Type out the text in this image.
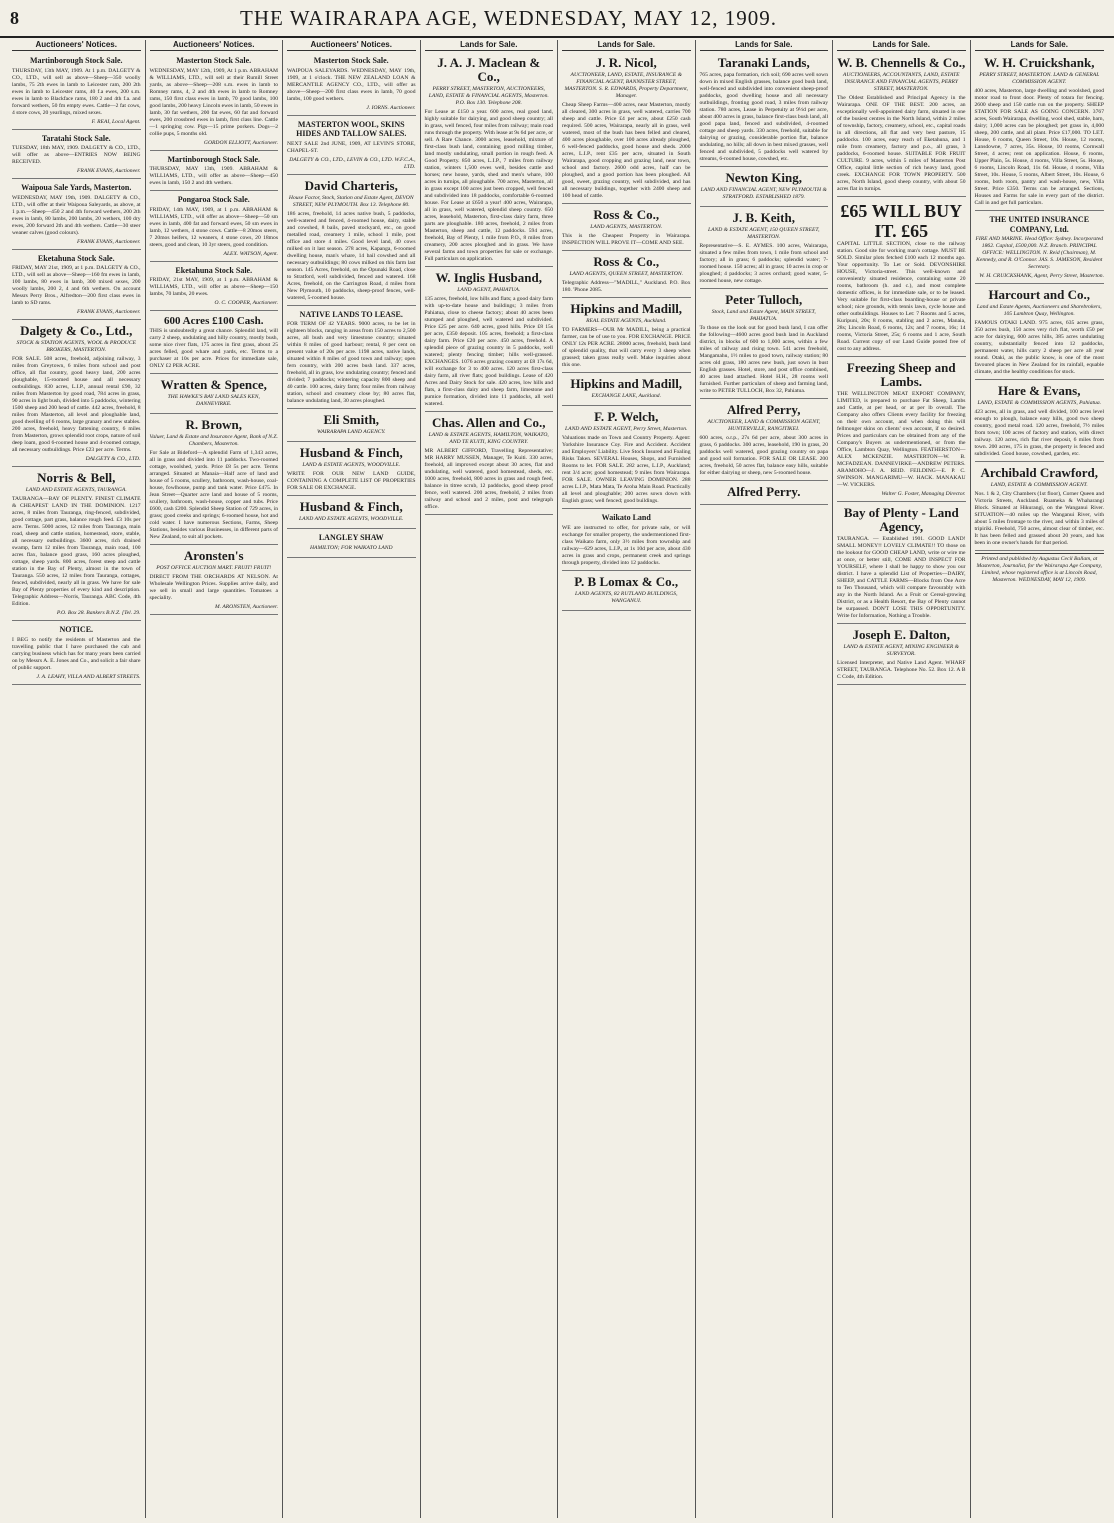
8	THE WAIRARAPA AGE, WEDNESDAY, MAY 12, 1909.
Auctioneers' Notices.
Martinborough Stock Sale.

THURSDAY, 13th MAY, 1909. At 1 p.m. DALGETY & CO., LTD., will sell as above—Sheep—350 woolly lambs, 75 2th ewes in lamb to Leicester ram, 200 2th ewes in lamb to Leicester rams, 40 f.a ewes, 200 s.m. ewes in lamb to Blackface rams, 180 2 and 4th f.a. and forward wethers, 50 fm empty ewes. Cattle—2 fat cows, 4 store cows, 20 yearlings, mixed sexes.

F. REAI, Local Agent.
Taratahi Stock Sale.

TUESDAY, 18th MAY, 1909. DALGETY & CO., LTD., will offer as above—ENTRIES NOW BEING RECEIVED.

FRANK EVANS, Auctioneer.
Waipoua Sale Yards, Masterton.

WEDNESDAY, MAY 19th, 1909. DALGETY & CO., LTD., will offer at their Waipoua Saleyards, as above, at 1 p.m.—Sheep—450 2 and 4th forward wethers, 200 2th ewes in lamb, 80 lambs, 200 lambs, 20 wethers, 100 dry ewes, 200 forward 2th and 4th wethers. Cattle—30 steer weaner calves (good colours).

FRANK EVANS, Auctioneer.
Eketahuna Stock Sale.

FRIDAY, MAY 21st, 1909, at 1 p.m. DALGETY & CO., LTD., will sell as above—Sheep—160 fm ewes in lamb, 100 lambs, 80 ewes in lamb, 300 mixed sexes, 200 woolly lambs, 200 2, 4 and 6th wethers. On account Messrs Perry Bros., Alfredton—200 first class ewes in lamb to SD rams.

FRANK EVANS, Auctioneer.
Dalgety & Co., Ltd.,
STOCK & STATION AGENTS, WOOL & PRODUCE BROKERS, MASTERTON.

FOR SALE. 508 acres, freehold, adjoining railway, 3 miles from Greytown, 6 miles from school and post office, all flat country, good heavy land, 200 acres ploughable, 15-roomed house and all necessary outbuildings. 830 acres, L.I.P., annual rental £90, 32 miles from Masterton by good road, 784 acres in grass, 90 acres in light bush, divided into 5 paddocks, wintering 1500 sheep and 200 head of cattle. 442 acres, freehold, 8 miles from Masterton, all level and ploughable land, good dwelling of 6 rooms, large granary and new stables. 200 acres, freehold, heavy fattening country, 6 miles from Masterton, grows splendid root crops, nature of soil deep loam, good 6-roomed house and 4-roomed cottage, all necessary outbuildings. Price £23 per acre. Terms.

DALGETY & CO., LTD.
Norris & Bell,
LAND AND ESTATE AGENTS, TAURANGA.

TAURANGA—BAY OF PLENTY. FINEST CLIMATE & CHEAPEST LAND IN THE DOMINION. 1217 acres, 8 miles from Tauranga, ring-fenced, subdivided, good cottage, part grass, balance rough feed. £3 10s per acre. Terms. 5000 acres, 12 miles from Tauranga, main road, sheep and cattle station, homestead, store, stable, all necessary outbuildings. 3600 acres, rich drained swamp, farm 12 miles from Tauranga, main road, 100 acres flax, balance good grass, 160 acres ploughed, cottage, sheep yards. 800 acres, forest steep and cattle station in the Bay of Plenty, almost in the town of Tauranga. 550 acres, 12 miles from Tauranga, cottages, fenced, subdivided, nearly all in grass. We have for sale Bay of Plenty properties of every kind and description. Telegraphic Address—Norris, Tauranga. ABC Code, 4th Edition.

P.O. Box 28. Bankers B.N.Z. [Tel. 29.
NOTICE.

I BEG to notify the residents of Masterton and the travelling public that I have purchased the cab and carrying business which has for many years been carried on by Messrs A. E. Jones and Co., and solicit a fair share of public support.

J. A. LEAHY, VILLA AND ALBERT STREETS.
Auctioneers' Notices.
Masterton Stock Sale.

WEDNESDAY, MAY 12th, 1909, At 1 p.m. ABRAHAM & WILLIAMS, LTD., will sell at their Rumill Street yards, as above—Sheep—208 s.m. ewes in lamb to Romney rams, 4, 2 and 4th ewes in lamb to Romney rams, 150 first class ewes in lamb, 70 good lambs, 100 good lambs, 200 heavy Lincoln ewes in lamb, 50 ewes in lamb, 30 fat wethers, 200 fat ewes, 60 fat and forward ewes, 200 crossbred ewes in lamb, first class line. Cattle—1 springing cow. Pigs—15 prime porkers. Dogs—2 collie pups, 5 months old.

GORDON ELLIOTT, Auctioneer.
Martinborough Stock Sale.

THURSDAY, MAY 13th, 1909. ABRAHAM & WILLIAMS, LTD., will offer as above—Sheep—450 ewes in lamb, 150 2 and 4th wethers.

Pongaroa Stock Sale.

FRIDAY, 14th MAY, 1909, at 1 p.m. ABRAHAM & WILLIAMS, LTD., will offer as above—Sheep—50 sm ewes in lamb, 400 fat and forward ewes, 50 sm ewes in lamb, 12 wethers, 4 stone cows. Cattle—8 20mos steers, 7 20mos heifers, 12 weaners, 4 stone cows, 20 18mos steers, good and clean, 10 3yr steers, good condition.

ALEX. WATSON, Agent.
Eketahuna Stock Sale.

FRIDAY, 21st MAY, 1909, at 1 p.m. ABRAHAM & WILLIAMS, LTD., will offer as above—Sheep—150 lambs, 70 lambs, 20 ewes.

O. C. COOPER, Auctioneer.
600 Acres £100 Cash.

THIS is undoubtedly a great chance. Splendid land, will carry 2 sheep, undulating and hilly country, mostly bush, some nice river flats, 175 acres in first grass, about 25 acres felled, good whare and yards, etc. Terms to a purchaser at 10s per acre. Prices for immediate sale, ONLY £2 PER ACRE.

Wratten & Spence,
THE HAWKE'S BAY LAND SALES KEN, DANNEVIRKE.
R. Brown,
Valuer, Land & Estate and Insurance Agent, Bank of N.Z. Chambers, Masterton.

For Sale at Bideford—A splendid Farm of 1,343 acres, all in grass and divided into 11 paddocks. Two-roomed cottage, woolshed, yards. Price £8 5s per acre. Terms arranged. Situated at Manaia—Half acre of land and house of 5 rooms, scullery, bathroom, wash-house, coal-house, fowlhouse, pump and tank water. Price £475. In Jean Street—Quarter acre land and house of 5 rooms, scullery, bathroom, wash-house, copper and tubs. Price £600, cash £200. Splendid Sheep Station of 729 acres, in grass; good creeks and springs; 6-roomed house, hot and cold water. I have numerous Sections, Farms, Sheep Stations, besides various Businesses, in different parts of New Zealand, to suit all pockets.

Aronsten's
POST OFFICE AUCTION MART. FRUIT! FRUIT!

DIRECT FROM THE ORCHARDS AT NELSON. At Wholesale Wellington Prices. Supplies arrive daily, and we sell in small and large quantities. Tomatoes a speciality.

M. ARONSTEN, Auctioneer.
Auctioneers' Notices.
Masterton Stock Sale.

WAIPOUA SALEYARDS. WEDNESDAY, MAY 19th, 1909, at 1 o'clock. THE NEW ZEALAND LOAN & MERCANTILE AGENCY CO., LTD., will offer as above—Sheep—200 first class ewes in lamb, 70 good lambs, 100 good wethers.

J. IORNS. Auctioneer.
MASTERTON WOOL, SKINS HIDES AND TALLOW SALES.

NEXT SALE 2nd JUNE, 1909, AT LEVIN'S STORE, CHAPEL-ST.

DALGETY & CO., LTD., LEVIN & CO., LTD. W.F.C.A., LTD.
David Charteris,
House Factor, Stock, Station and Estate Agent, DEVON STREET, NEW PLYMOUTH. Box 13. Telephone 80.

186 acres, freehold, 14 acres native bush, 5 paddocks, well-watered and fenced, 4-roomed house, dairy, stable and cowshed, 8 bails, paved stockyard, etc., on good metalled road, creamery 1 mile, school 1 mile, post office and store 4 miles. Good level land, 40 cows milked on it last season. 278 acres, Kapanga, 6-roomed dwelling house, man's whare, 14 bail cowshed and all necessary outbuildings; 80 cows milked on this farm last season. 145 Acres, freehold, on the Opunaki Road, close to Stratford, well subdivided, fenced and watered. 168 Acres, freehold, on the Carrington Road, 4 miles from New Plymouth, 10 paddocks, sheep-proof fences, well-watered, 5-roomed house.

NATIVE LANDS TO LEASE.

FOR TERM OF 42 YEARS. 9000 acres, to be let in eighteen blocks, ranging in areas from 150 acres to 2,500 acres, all bush and very limestone country; situated within 8 miles of good harbour; rental, 8 per cent on present value of 20s per acre. 1198 acres, native lands, situated within 8 miles of good town and railway; open fern country, with 200 acres bush land. 337 acres, freehold, all in grass, low undulating country; fenced and divided; 7 paddocks; wintering capacity 800 sheep and 40 cattle. 100 acres, dairy farm; four miles from railway station, school and creamery close by; 80 acres flat, balance undulating land, 30 acres ploughed.

Eli Smith,
WAIRARAPA LAND AGENCY.
Husband & Finch,
LAND & ESTATE AGENTS, WOODVILLE.

WRITE FOR OUR NEW LAND GUIDE, CONTAINING A COMPLETE LIST OF PROPERTIES FOR SALE OR EXCHANGE.

Husband & Finch,
LAND AND ESTATE AGENTS, WOODVILLE.
LANGLEY SHAW
HAMILTON; FOR WAIKATO LAND
Lands for Sale.
J. A. J. Maclean & Co.,
PERRY STREET, MASTERTON, AUCTIONEERS, LAND, ESTATE & FINANCIAL AGENTS, Masterton. P.O. Box 130. Telephone 208.

For Lease at £150 a year. 600 acres, real good land, highly suitable for dairying, and good sheep country; all in grass, well fenced, four miles from railway; main road runs through the property. With lease at 9s 6d per acre, or sell. A Rare Chance. 3000 acres, leasehold, mixture of first-class bush land, containing good milling timber, land mostly undulating, small portion in rough feed. A Good Property. 850 acres, L.I.P., 7 miles from railway station, winters 1,500 ewes well, besides cattle and horses; new house, yards, shed and men's whare, 100 acres in turnips, all ploughable. 700 acres, Masterton, all in grass except 100 acres just been cropped, well fenced and subdivided into 18 paddocks, comfortable 6-roomed house. For Lease at £650 a year! 400 acres, Wairarapa, all in grass, well watered, splendid sheep country. 650 acres, leasehold, Masterton, first-class dairy farm, three parts are ploughable. 180 acres, freehold, 2 miles from Masterton, sheep and cattle, 12 paddocks. 594 acres, freehold, Bay of Plenty, 1 mile from P.O., 8 miles from creamery, 200 acres ploughed and in grass. We have several farms and town properties for sale or exchange. Full particulars on application.

W. Inglis Husband,
LAND AGENT, PAHIATUA.

135 acres, freehold, low hills and flats; a good dairy farm with up-to-date house and buildings; 3 miles from Pahiatua, close to cheese factory; about 40 acres been stumped and ploughed, well watered and subdivided. Price £25 per acre. 640 acres, good hills. Price £8 15s per acre, £350 deposit. 105 acres, freehold; a first-class dairy farm. Price £20 per acre. 450 acres, freehold. A splendid piece of grazing country in 5 paddocks, well watered; plenty fencing timber; hills well-grassed. EXCHANGES. 1076 acres grazing country at £8 17s 6d, will exchange for 3 to 400 acres. 120 acres first-class dairy farm, all river flats; good buildings. Lease of 420 Acres and Dairy Stock for sale. 420 acres, low hills and flats, a first-class dairy and sheep farm, limestone and pumice formation, divided into 11 paddocks, all well watered.

Chas. Allen and Co.,
LAND & ESTATE AGENTS, HAMILTON, WAIKATO, AND TE KUITI, KING COUNTRY.

MR ALBERT GIFFORD, Travelling Representative; MR HARRY MUSSEN, Manager, Te Kuiti. 330 acres, freehold, all improved except about 30 acres, flat and undulating, well watered, good homestead, sheds, etc. 1000 acres, freehold, 800 acres in grass and rough feed, balance in titree scrub, 12 paddocks, good sheep proof fence, well watered. 200 acres, freehold, 2 miles from railway and school and 2 miles, post and telegraph office.

Lands for Sale.
J. R. Nicol,
AUCTIONEER, LAND, ESTATE, INSURANCE & FINANCIAL AGENT, BANNISTER STREET, MASTERTON. S. R. EDWARDS, Property Department, Manager.

Cheap Sheep Farms—400 acres, near Masterton, mostly all cleared, 300 acres in grass, well watered, carries 700 sheep and cattle. Price £4 per acre, about £250 cash required. 500 acres, Wairarapa, nearly all in grass, well watered, most of the bush has been felled and cleared, 400 acres ploughable, over 100 acres already ploughed, 6 well-fenced paddocks, good house and sheds. 2000 acres, L.I.P., rent £35 per acre, situated in South Wairarapa, good cropping and grazing land, near town, school and factory. 2600 odd acres, half can be ploughed, and a good portion has been ploughed. All good, sweet, grazing country, well subdivided, and has all necessary buildings, together with 2400 sheep and 100 head of cattle.

Ross & Co.,
LAND AGENTS, MASTERTON.

This is the Cheapest Property in Wairarapa. INSPECTION WILL PROVE IT—COME AND SEE.

Ross & Co.,
LAND AGENTS, QUEEN STREET, MASTERTON.

Telegraphic Address—"MADILL," Auckland. P.O. Box 180. 'Phone 2085.

Hipkins and Madill,
REAL ESTATE AGENTS, Auckland.

TO FARMERS—OUR Mr MADILL, being a practical farmer, can be of use to you. FOR EXCHANGE. PRICE ONLY 12s PER ACRE. 28000 acres, freehold, bush land of splendid quality, that will carry every 3 sheep when grassed; taken grass really well. Make inquiries about this one.

Hipkins and Madill,
EXCHANGE LANE, Auckland.
F. P. Welch,
LAND AND ESTATE AGENT, Perry Street, Masterton.

Valuations made on Town and Country Property. Agent: Yorkshire Insurance Coy. Fire and Accident. Accident and Employers' Liability. Live Stock Insured and Foaling Risks Taken. SEVERAL Houses, Shops, and Furnished Rooms to let. FOR SALE. 282 acres, L.I.P., Auckland; rent 3/4 acre; good homestead; 9 miles from Wairarapa. FOR SALE. OWNER LEAVING DOMINION. 288 acres L.I.P., Mata Mata, Te Aroha Main Road. Practically all level and ploughable; 200 acres sown down with English grass; well fenced; good buildings.

Waikato Land

WE are instructed to offer, for private sale, or will exchange for smaller property, the undermentioned first-class Waikato farm, only 3½ miles from township and railway—629 acres, L.I.P., at 1s 10d per acre, about 430 acres in grass and crops, permanent creek and springs through property, divided into 12 paddocks.

P. B Lomax & Co.,
LAND AGENTS, 82 RUTLAND BUILDINGS, WANGANUI.
Lands for Sale.
Taranaki Lands,

765 acres, papa formation, rich soil; 690 acres well sown down in mixed English grasses, balance good bush land, well-fenced and subdivided into convenient sheep-proof paddocks, good dwelling house and all necessary outbuildings, fronting good road, 3 miles from railway station. 780 acres, Lease in Perpetuity at 9½d per acre, about 400 acres in grass, balance first-class bush land, all good papa land, fenced and subdivided, 4-roomed cottage and sheep yards. 330 acres, freehold, suitable for dairying or grazing, considerable portion flat, balance undulating, no hills; all down in best mixed grasses, well fenced and subdivided, 5 paddocks well watered by streams, 6-roomed house, cowshed, etc.

Newton King,
LAND AND FINANCIAL AGENT, NEW PLYMOUTH & STRATFORD. ESTABLISHED 1879.
J. B. Keith,
LAND & ESTATE AGENT, 150 QUEEN STREET, MASTERTON.

Representative—S. E. AYMES. 100 acres, Wairarapa, situated a few miles from town, 1 mile from school and factory; all in grass; 6 paddocks; splendid water; 7-roomed house. 150 acres; all in grass; 10 acres in crop or ploughed; 4 paddocks; 3 acres orchard; good water, 5-roomed house, new cottage.

Peter Tulloch,
Stock, Land and Estate Agent, MAIN STREET, PAHIATUA.

To those on the look out for good bush land, I can offer the following—4600 acres good bush land in Auckland district, in blocks of 600 to 1,000 acres, within a few miles of railway and rising town. 541 acres freehold, Mangamahu, 1½ miles to good town, railway station; 80 acres old grass, 180 acres new bush, just sown in bust English grasses. Hotel, store, and post office combined, 40 acres land attached. Hotel H.H., 28 rooms well furnished. Further particulars of sheep and farming land, write to PETER TULLOCH, Box 32, Pahiatua.

Alfred Perry,
AUCTIONEER, LAND & COMMISSION AGENT, HUNTERVILLE, RANGITIKEI.

600 acres, o.r.p., 27s 6d per acre, about 300 acres in grass, 6 paddocks. 300 acres, leasehold, 190 in grass, 20 paddocks well watered, good grazing country on papa and good soil formation. FOR SALE OR LEASE. 200 acres, freehold, 50 acres flat, balance easy hills, suitable for either dairying or sheep, new 5-roomed house.

Alfred Perry.
Lands for Sale.
W. B. Chennells & Co.,
AUCTIONEERS, ACCOUNTANTS, LAND, ESTATE INSURANCE AND FINANCIAL AGENTS, PERRY STREET, MASTERTON.

The Oldest Established and Principal Agency in the Wairarapa. ONE OF THE BEST. 200 acres, an exceptionally well-appointed dairy farm, situated in one of the busiest centres in the North Island, within 2 miles of township, factory, creamery, school, etc., capital roads in all directions, all flat and very best pasture, 15 paddocks. 100 acres, easy reach of Eketahuna, and 1 mile from creamery, factory and p.o., all grass, 3 paddocks, 6-roomed house. SUITABLE FOR FRUIT CULTURE. 9 acres, within 5 miles of Masterton Post Office, capital little section of rich heavy land, good creek. EXCHANGE FOR TOWN PROPERTY. 500 acres, North Island, good sheep country, with about 50 acres flat in turnips.

£65 WILL BUY IT. £65

CAPITAL LITTLE SECTION, close to the railway station. Good site for working man's cottage. MUST BE SOLD. Similar plots fetched £100 each 12 months ago. Your opportunity. To Let or Sold. DEVONSHIRE HOUSE, Victoria-street. This well-known and conveniently situated residence, containing some 20 rooms, bathroom (h. and c.), and most complete domestic offices, is for immediate sale, or to be leased. Very suitable for first-class boarding-house or private school; nice grounds, with tennis lawn, cycle house and other outbuildings. Houses to Let: 7 Rooms and 5 acres, Kuripuni, 20s; 8 rooms, stabling and 2 acres, Manaia, 28s; Lincoln Road, 6 rooms, 12s; and 7 rooms, 16s; 14 rooms, Victoria Street, 25s; 6 rooms and 1 acre, South Road. Current copy of our Land Guide posted free of cost to any address.

Freezing Sheep and Lambs.

THE WELLINGTON MEAT EXPORT COMPANY, LIMITED, is prepared to purchase Fat Sheep, Lambs and Cattle, at per head, or at per lb overall. The Company also offers Clients every facility for freezing on their own account, and when doing this will fellmonger skins on clients' own account, if so desired. Prices and particulars can be obtained from any of the Company's Buyers as undermentioned, or from the Office, Lambton Quay, Wellington. FEATHERSTON—ALEX MCKENZIE. MASTERTON—W. B. MCFADZEAN. DANNEVIRKE—ANDREW PETERS. ARAMOHO—J. A. REID. FEILDING—E. P. C. SWINSON. MANGARIMU—W. HACK. MANAKAU—W. VICKERS.

Walter G. Foster, Managing Director.
Bay of Plenty - Land Agency,

TAURANGA. — Established 1901. GOOD LAND! SMALL MONEY!! LOVELY CLIMATE!! TO those on the lookout for GOOD CHEAP LAND, write or wire me at once, or better still, COME AND INSPECT FOR YOURSELF, where I shall be happy to show you our district. I have a splendid List of Properties—DAIRY, SHEEP, and CATTLE FARMS—Blocks from One Acre to Ten Thousand, which will compare favourably with any in the North Island. As a Fruit or Cereal-growing District, or as a Health Resort, the Bay of Plenty cannot be surpassed. DON'T LOSE THIS OPPORTUNITY. Write for Information, Nothing a Trouble.

Joseph E. Dalton,
LAND & ESTATE AGENT, MINING ENGINEER & SURVEYOR.

Licensed Interpreter, and Native Land Agent. WHARF STREET, TAURANGA. Telephone No. 52. Box 12. A B C Code, 4th Edition.

Lands for Sale.
W. H. Cruickshank,
PERRY STREET, MASTERTON. LAND & GENERAL COMMISSION AGENT.

400 acres, Masterton, large dwelling and woolshed, good motor road to front door. Plenty of totara for fencing. 2600 sheep and 150 cattle run on the property. SHEEP STATION FOR SALE AS GOING CONCERN. 3767 acres, South Wairarapa, dwelling, wool shed, stable, barn, dairy; 1,000 acres can be ploughed; pet grass in, 4,000 sheep, 200 cattle, and all plant. Price £17,000. TO LET. House, 6 rooms, Queen Street, 10s. House, 12 rooms, Lansdowne, 7 acres, 35s. House, 10 rooms, Cornwall Street, 4 acres; rent on application. House, 6 rooms, Upper Plain, 5s. House, 4 rooms, Villa Street, 5s. House, 6 rooms, Lincoln Road, 11s 6d. House, 4 rooms, Villa Street, 10s. House, 5 rooms, Albert Street, 10s. House, 6 rooms, both room, pantry and wash-house, new, Villa Street. Price £350. Terms can be arranged. Sections, Houses and Farms for sale in every part of the district. Call in and get full particulars.

THE UNITED INSURANCE COMPANY, Ltd.
FIRE AND MARINE. Head Office: Sydney. Incorporated 1862. Capital, £500,000. N.Z. Branch. PRINCIPAL OFFICE: WELLINGTON. N. Reid (Chairman), M. Kennedy, and R. O'Connor. JAS. S. JAMESON, Resident Secretary.
W. H. CRUICKSHANK, Agent, Perry Street, Masterton.
Harcourt and Co.,
Land and Estate Agents, Auctioneers and Sharebrokers, 105 Lambton Quay, Wellington.

FAMOUS OTAKI LAND. 975 acres, 635 acres grass, 350 acres bush, 150 acres very rich flat, worth £50 per acre for dairying, 600 acres hills, 385 acres undulating country, substantially fenced into 12 paddocks, permanent water, hills carry 2 sheep per acre all year round. Otaki, as the public know, is one of the most favoured places in New Zealand for its rainfall, equable climate, and the healthy conditions for stock.

Hare & Evans,
LAND, ESTATE & COMMISSION AGENTS, Pahiatua.

423 acres, all in grass, and well divided, 100 acres level enough to plough, balance easy hills, good two sheep country, good metal road. 120 acres, freehold, 7½ miles from town; 100 acres of factory and station, with direct railway. 120 acres, rich flat river deposit, 6 miles from town. 200 acres, 175 in grass, the property is fenced and subdivided. Good house, cowshed, garden, etc.

Archibald Crawford,
LAND, ESTATE & COMMISSION AGENT.

Nos. 1 & 2, City Chambers (1st floor), Corner Queen and Victoria Streets, Auckland. Ruameka & Whaharangi Block. Situated at Hikurangi, on the Wanganui River. SITUATION—40 miles up the Wanganui River, with about 5 miles frontage to the river, and within 3 miles of tripiriki. Freehold, 750 acres, almost clear of timber, etc. It has been felled and grassed about 20 years, and has been in one owner's hands for that period.

Printed and published by Augustus Cecil Ballam, at Masterton, Journalist, for the Wairarapa Age Company, Limited, whose registered office is at Lincoln Road, Masterton. WEDNESDAY, MAY 12, 1909.
